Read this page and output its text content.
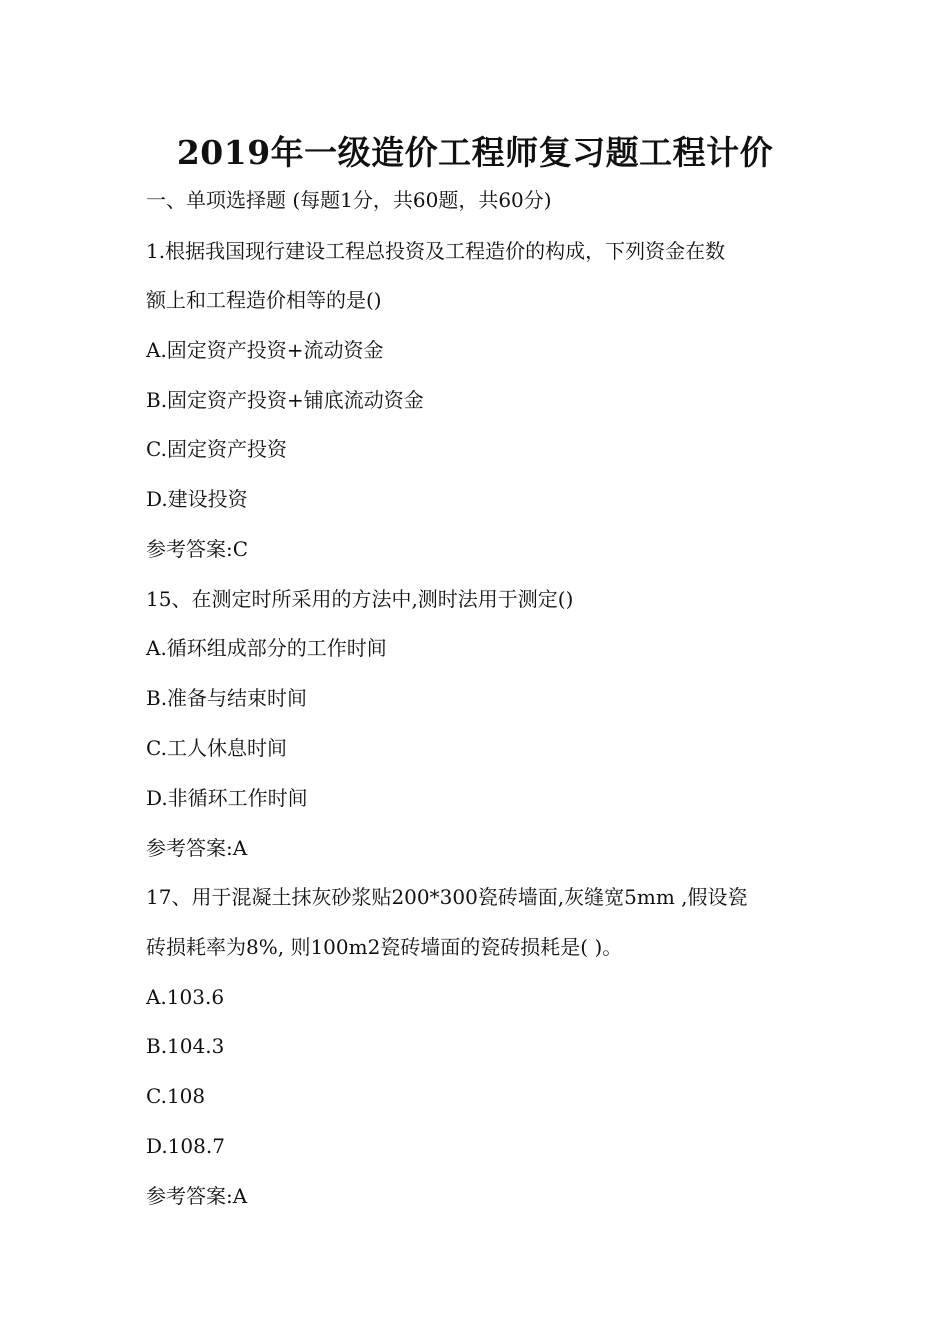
2019年一级造价工程师复习题工程计价
一、单项选择题 (每题1分，共60题，共60分)
1.根据我国现行建设工程总投资及工程造价的构成，下列资金在数
额上和工程造价相等的是()
A.固定资产投资+流动资金
B.固定资产投资+铺底流动资金
C.固定资产投资
D.建设投资
参考答案:C
15、在测定时所采用的方法中,测时法用于测定()
A.循环组成部分的工作时间
B.准备与结束时间
C.工人休息时间
D.非循环工作时间
参考答案:A
17、用于混凝土抹灰砂浆贴200*300瓷砖墙面,灰缝宽5mm ,假设瓷
砖损耗率为8%, 则100m2瓷砖墙面的瓷砖损耗是( )。
A.103.6
B.104.3
C.108
D.108.7
参考答案:A
